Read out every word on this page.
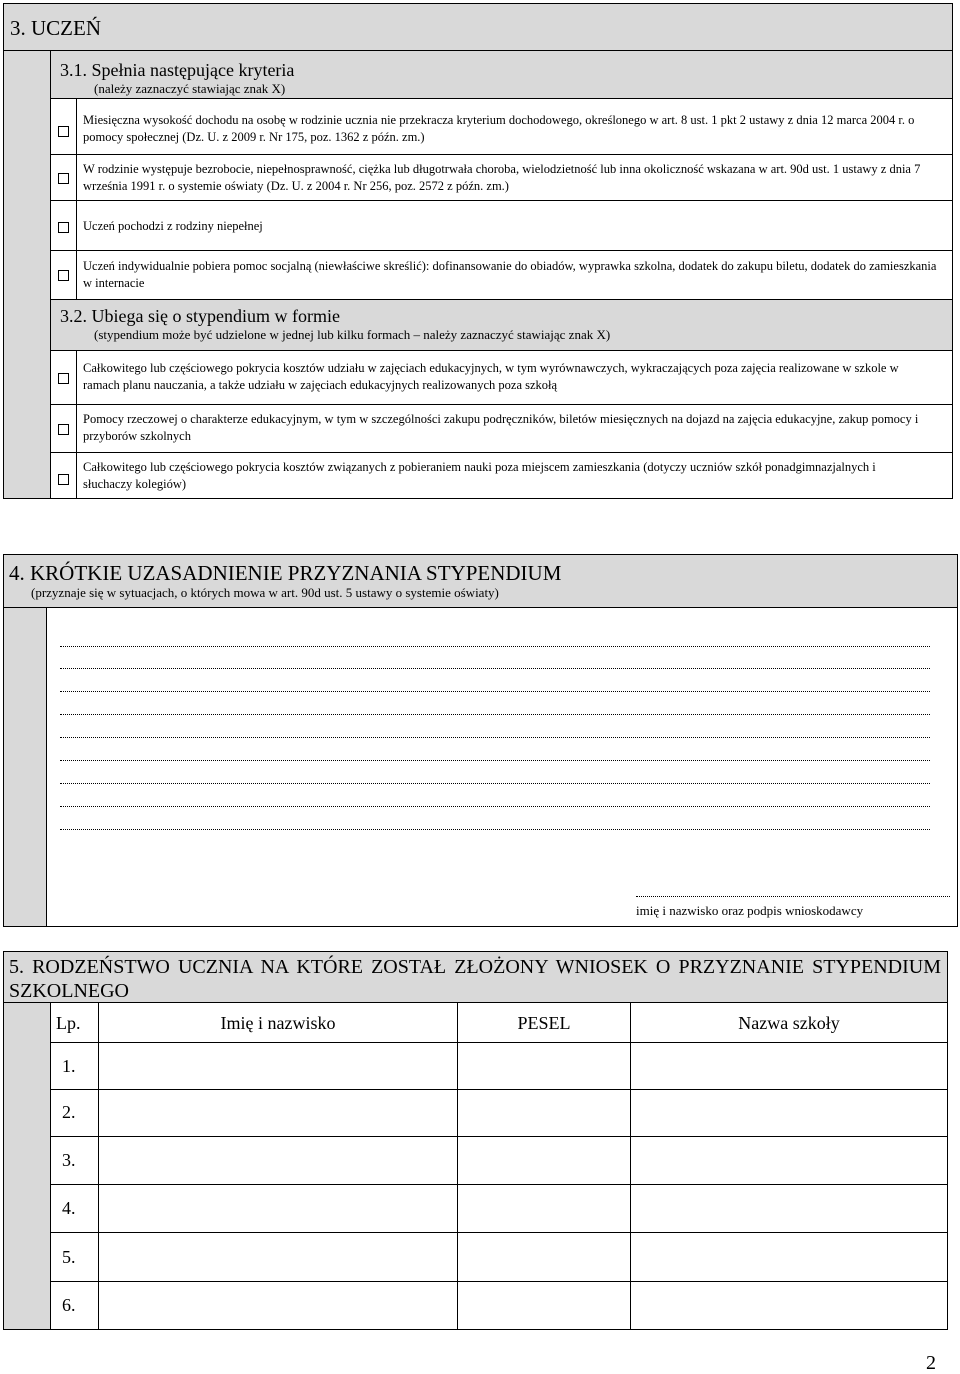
3. UCZEŃ
3.1. Spełnia następujące kryteria
(należy zaznaczyć stawiając znak X)
Miesięczna wysokość dochodu na osobę w rodzinie ucznia nie przekracza kryterium dochodowego, określonego w art. 8 ust. 1 pkt 2 ustawy z dnia 12 marca 2004 r. o pomocy społecznej (Dz. U. z 2009 r. Nr 175, poz. 1362 z późn. zm.)
W rodzinie występuje bezrobocie, niepełnosprawność, ciężka lub długotrwała choroba, wielodzietność lub inna okoliczność wskazana w art. 90d ust. 1 ustawy z dnia 7 września 1991 r. o systemie oświaty (Dz. U. z 2004 r. Nr 256, poz. 2572 z późn. zm.)
Uczeń pochodzi z rodziny niepełnej
Uczeń indywidualnie pobiera pomoc socjalną (niewłaściwe skreślić): dofinansowanie do obiadów, wyprawka szkolna, dodatek do zakupu biletu, dodatek do zamieszkania w internacie
3.2. Ubiega się o stypendium w formie
(stypendium może być udzielone w jednej lub kilku formach – należy zaznaczyć stawiając znak X)
Całkowitego lub częściowego pokrycia kosztów udziału w zajęciach edukacyjnych, w tym wyrównawczych, wykraczających poza zajęcia realizowane w szkole w ramach planu nauczania, a także udziału w zajęciach edukacyjnych realizowanych poza szkołą
Pomocy rzeczowej o charakterze edukacyjnym, w tym w szczególności zakupu podręczników, biletów miesięcznych na dojazd na zajęcia edukacyjne, zakup pomocy i przyborów szkolnych
Całkowitego lub częściowego pokrycia kosztów związanych z pobieraniem nauki poza miejscem zamieszkania (dotyczy uczniów szkół ponadgimnazjalnych i słuchaczy kolegiów)
4. KRÓTKIE UZASADNIENIE PRZYZNANIA STYPENDIUM
(przyznaje się w sytuacjach, o których mowa w art. 90d ust. 5 ustawy o systemie oświaty)
imię i nazwisko oraz podpis wnioskodawcy
5. RODZEŃSTWO UCZNIA NA KTÓRE ZOSTAŁ ZŁOŻONY WNIOSEK O PRZYZNANIE STYPENDIUM SZKOLNEGO
Lp.	Imię i nazwisko	PESEL	Nazwa szkoły
1.
2.
3.
4.
5.
6.
2
